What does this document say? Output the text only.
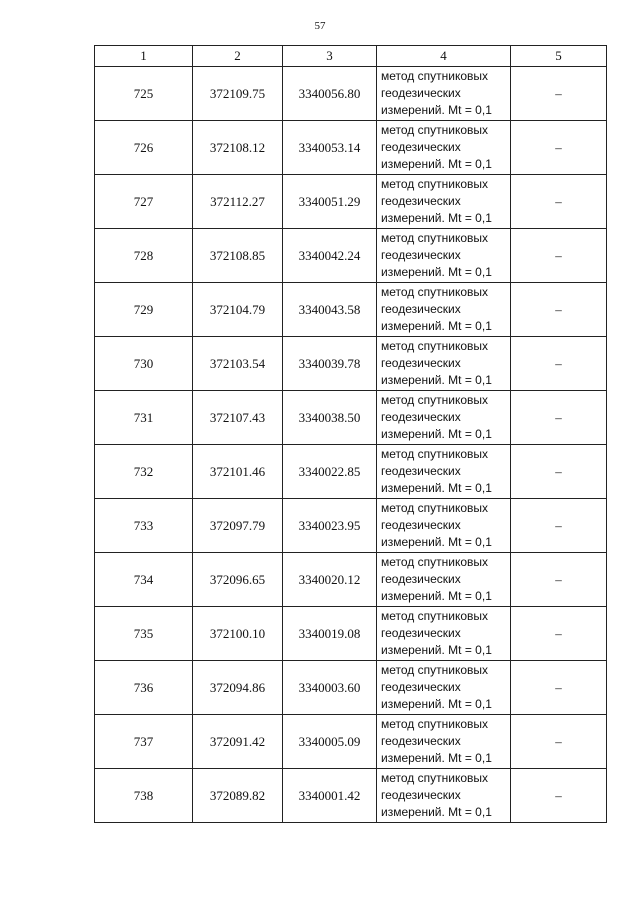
57
1	2	3	4	5
725	372109.75	3340056.80	метод спутниковых
геодезических
измерений. Mt = 0,1	–
726	372108.12	3340053.14	метод спутниковых
геодезических
измерений. Mt = 0,1	–
727	372112.27	3340051.29	метод спутниковых
геодезических
измерений. Mt = 0,1	–
728	372108.85	3340042.24	метод спутниковых
геодезических
измерений. Mt = 0,1	–
729	372104.79	3340043.58	метод спутниковых
геодезических
измерений. Mt = 0,1	–
730	372103.54	3340039.78	метод спутниковых
геодезических
измерений. Mt = 0,1	–
731	372107.43	3340038.50	метод спутниковых
геодезических
измерений. Mt = 0,1	–
732	372101.46	3340022.85	метод спутниковых
геодезических
измерений. Mt = 0,1	–
733	372097.79	3340023.95	метод спутниковых
геодезических
измерений. Mt = 0,1	–
734	372096.65	3340020.12	метод спутниковых
геодезических
измерений. Mt = 0,1	–
735	372100.10	3340019.08	метод спутниковых
геодезических
измерений. Mt = 0,1	–
736	372094.86	3340003.60	метод спутниковых
геодезических
измерений. Mt = 0,1	–
737	372091.42	3340005.09	метод спутниковых
геодезических
измерений. Mt = 0,1	–
738	372089.82	3340001.42	метод спутниковых
геодезических
измерений. Mt = 0,1	–
